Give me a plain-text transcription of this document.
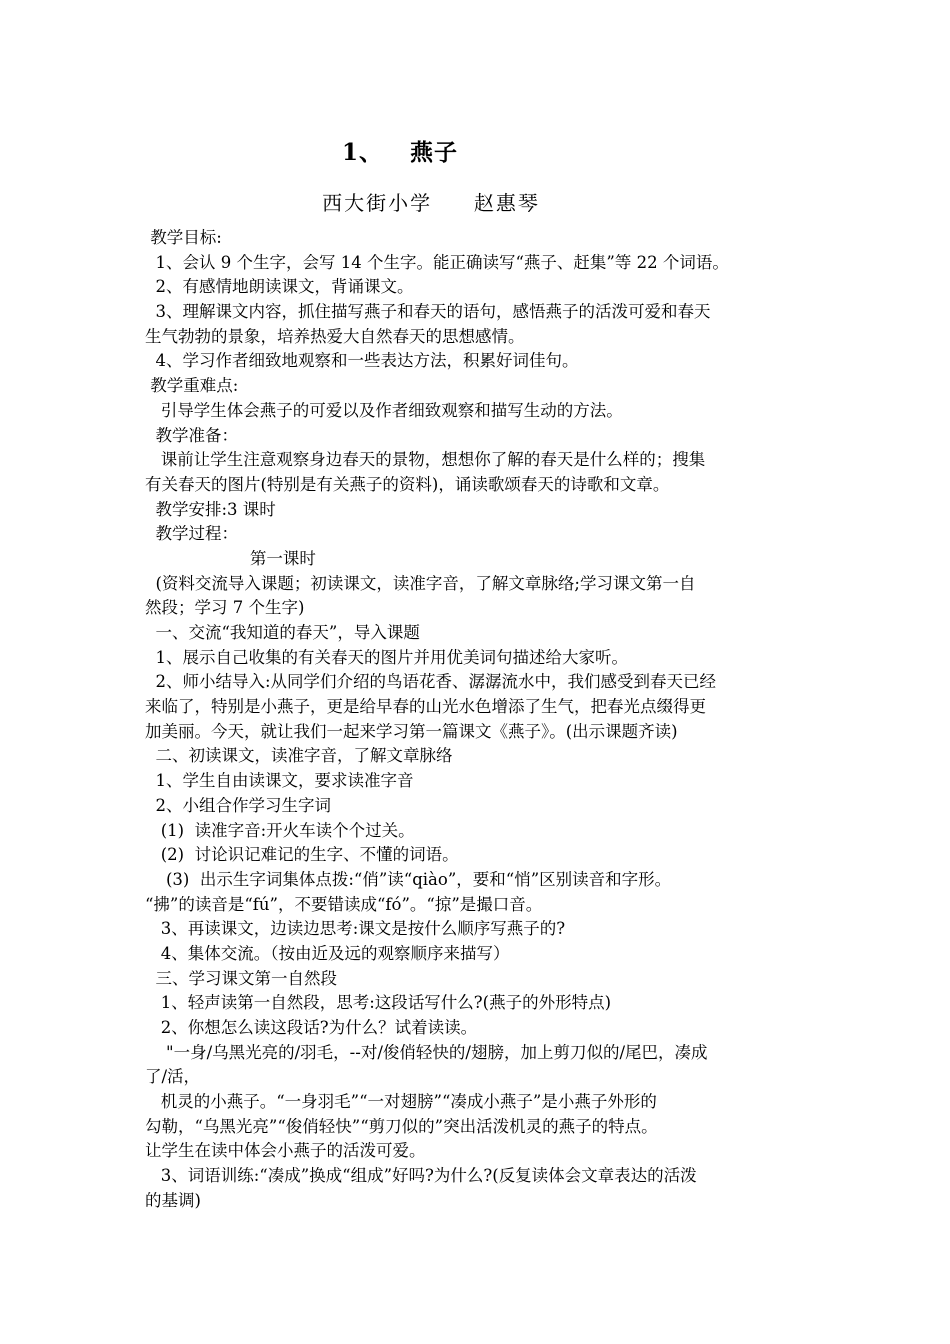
1、   燕子
西大街小学     赵惠琴
教学目标:
1、会认 9 个生字，会写 14 个生字。能正确读写“燕子、赶集”等 22 个词语。
2、有感情地朗读课文，背诵课文。
3、理解课文内容，抓住描写燕子和春天的语句，感悟燕子的活泼可爱和春天
生气勃勃的景象，培养热爱大自然春天的思想感情。
4、学习作者细致地观察和一些表达方法，积累好词佳句。
教学重难点:
引导学生体会燕子的可爱以及作者细致观察和描写生动的方法。
教学准备：
课前让学生注意观察身边春天的景物，想想你了解的春天是什么样的；搜集
有关春天的图片(特别是有关燕子的资料)，诵读歌颂春天的诗歌和文章。
教学安排:3 课时
教学过程：
第一课时
(资料交流导入课题；初读课文，读准字音，了解文章脉络;学习课文第一自
然段；学习 7 个生字)
一、交流“我知道的春天”，导入课题
1、展示自己收集的有关春天的图片并用优美词句描述给大家听。
2、师小结导入:从同学们介绍的鸟语花香、潺潺流水中，我们感受到春天已经
来临了，特别是小燕子，更是给早春的山光水色增添了生气，把春光点缀得更
加美丽。今天，就让我们一起来学习第一篇课文《燕子》。(出示课题齐读)
二、初读课文，读准字音，了解文章脉络
1、学生自由读课文，要求读准字音
2、小组合作学习生字词
(1)  读准字音:开火车读个个过关。
(2)  讨论识记难记的生字、不懂的词语。
(3)  出示生字词集体点拨:“俏”读“qiào”，要和“悄”区别读音和字形。
“拂”的读音是“fú”，不要错读成“fó”。“掠”是撮口音。
3、再读课文，边读边思考:课文是按什么顺序写燕子的?
4、集体交流。（按由近及远的观察顺序来描写）
三、学习课文第一自然段
1、轻声读第一自然段，思考:这段话写什么?(燕子的外形特点)
2、你想怎么读这段话?为什么？试着读读。
"一身/乌黑光亮的/羽毛，--对/俊俏轻快的/翅膀，加上剪刀似的/尾巴，凑成
了/活，
机灵的小燕子。“一身羽毛”“一对翅膀”“凑成小燕子”是小燕子外形的
勾勒，“乌黑光亮”“俊俏轻快”“剪刀似的”突出活泼机灵的燕子的特点。
让学生在读中体会小燕子的活泼可爱。
3、词语训练:“凑成”换成“组成”好吗?为什么?(反复读体会文章表达的活泼
的基调)
